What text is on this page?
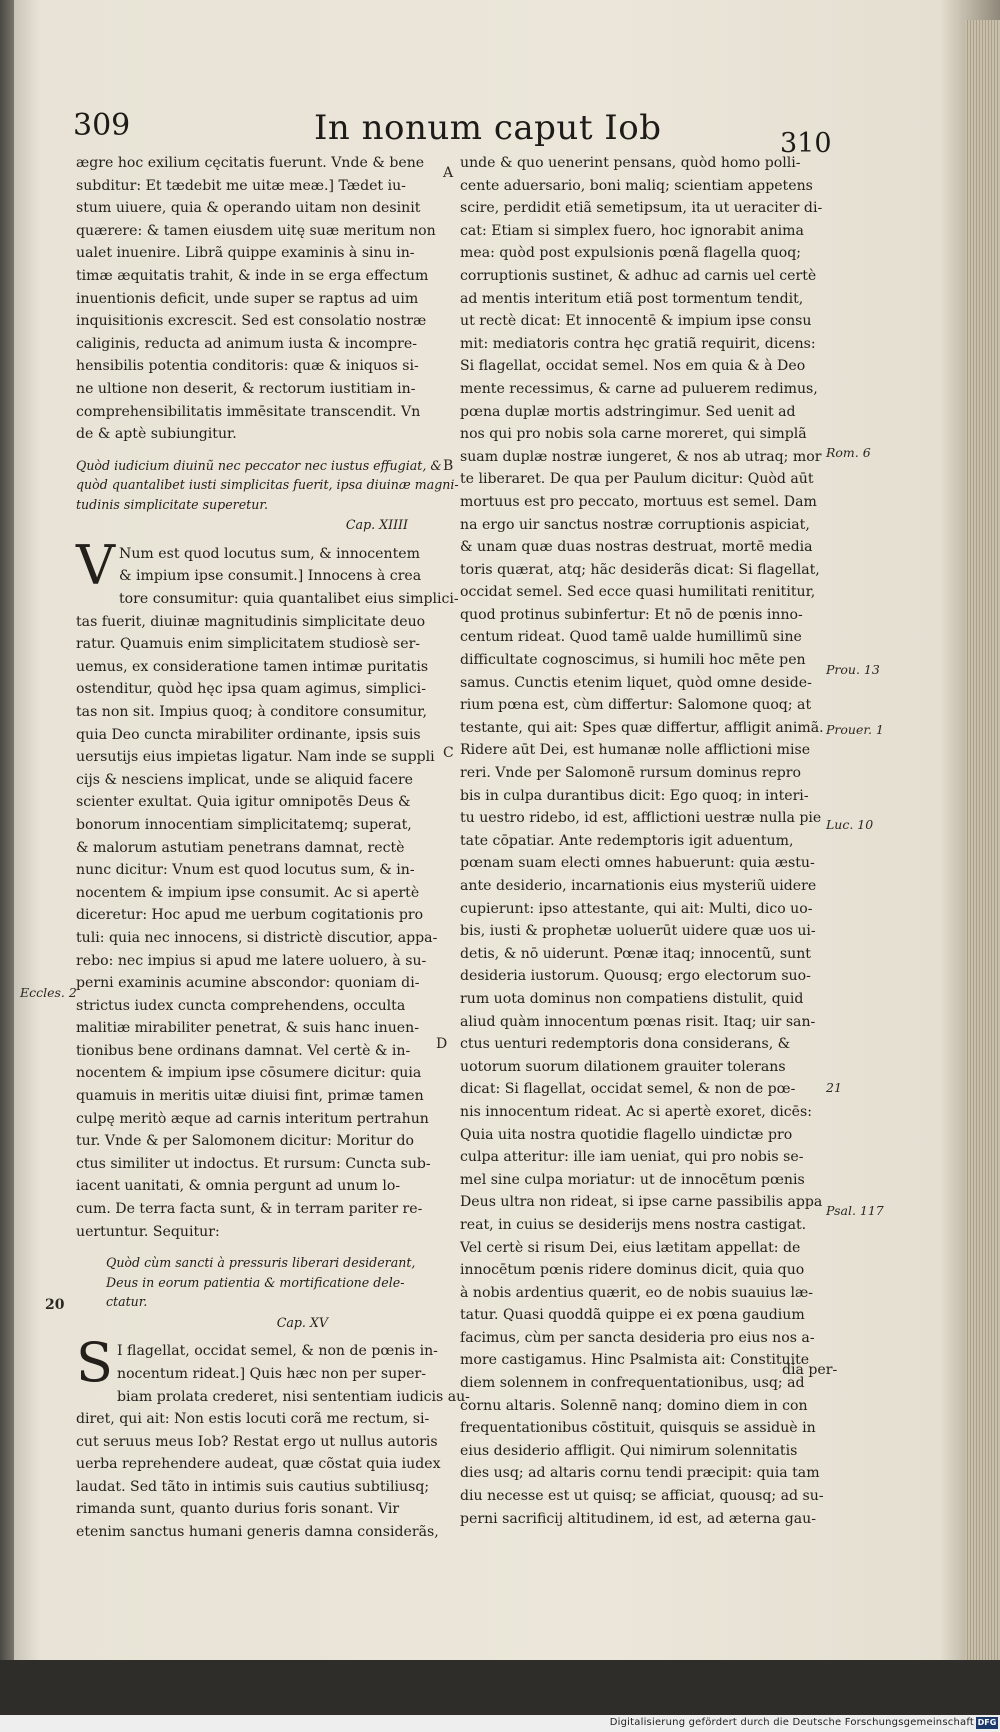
309	In nonum caput Iob	310

ægre hoc exilium cęcitatis fuerunt. Vnde & bene

subditur: Et tædebit me uitæ meæ.] Tædet iu-

stum uiuere, quia & operando uitam non desinit

quærere: & tamen eiusdem uitę suæ meritum non

ualet inuenire. Librã quippe examinis à sinu in-

timæ æquitatis trahit, & inde in se erga effectum

inuentionis deficit, unde super se raptus ad uim

inquisitionis excrescit. Sed est consolatio nostræ

caliginis, reducta ad animum iusta & incompre-

hensibilis potentia conditoris: quæ & iniquos si-

ne ultione non deserit, & rectorum iustitiam in-

comprehensibilitatis immēsitate transcendit. Vn

de & aptè subiungitur.

Quòd iudicium diuinũ nec peccator nec iustus effugiat, &

quòd quantalibet iusti simplicitas fuerit, ipsa diuinæ magni-

tudinis simplicitate superetur.

Cap. XIIII

V Num est quod locutus sum, & innocentem

& impium ipse consumit.] Innocens à crea

tore consumitur: quia quantalibet eius simplici-

tas fuerit, diuinæ magnitudinis simplicitate deuo

ratur. Quamuis enim simplicitatem studiosè ser-

uemus, ex consideratione tamen intimæ puritatis

ostenditur, quòd hęc ipsa quam agimus, simplici-

tas non sit. Impius quoq; à conditore consumitur,

quia Deo cuncta mirabiliter ordinante, ipsis suis

uersutijs eius impietas ligatur. Nam inde se suppli

cijs & nesciens implicat, unde se aliquid facere

scienter exultat. Quia igitur omnipotēs Deus &

bonorum innocentiam simplicitatemq; superat,

& malorum astutiam penetrans damnat, rectè

nunc dicitur: Vnum est quod locutus sum, & in-

nocentem & impium ipse consumit. Ac si apertè

diceretur: Hoc apud me uerbum cogitationis pro

tuli: quia nec innocens, si districtè discutior, appa-

rebo: nec impius si apud me latere uoluero, à su-

perni examinis acumine abscondor: quoniam di-

strictus iudex cuncta comprehendens, occulta

malitiæ mirabiliter penetrat, & suis hanc inuen-

tionibus bene ordinans damnat. Vel certè & in-

nocentem & impium ipse cōsumere dicitur: quia

quamuis in meritis uitæ diuisi fint, primæ tamen

culpę meritò æque ad carnis interitum pertrahun

tur. Vnde & per Salomonem dicitur: Moritur do

ctus similiter ut indoctus. Et rursum: Cuncta sub-

iacent uanitati, & omnia pergunt ad unum lo-

cum. De terra facta sunt, & in terram pariter re-

uertuntur. Sequitur:

Quòd cùm sancti à pressuris liberari desiderant,

Deus in eorum patientia & mortificatione dele-

ctatur.

Cap. XV

S I flagellat, occidat semel, & non de pœnis in-

nocentum rideat.] Quis hæc non per super-

biam prolata crederet, nisi sententiam iudicis au-

diret, qui ait: Non estis locuti corã me rectum, si-

cut seruus meus Iob? Restat ergo ut nullus autoris

uerba reprehendere audeat, quæ cõstat quia iudex

laudat. Sed tãto in intimis suis cautius subtiliusq;

rimanda sunt, quanto durius foris sonant. Vir

etenim sanctus humani generis damna considerãs,

unde & quo uenerint pensans, quòd homo polli-

cente aduersario, boni maliq; scientiam appetens

scire, perdidit etiã semetipsum, ita ut ueraciter di-

cat: Etiam si simplex fuero, hoc ignorabit anima

mea: quòd post expulsionis pœnã flagella quoq;

corruptionis sustinet, & adhuc ad carnis uel certè

ad mentis interitum etiã post tormentum tendit,

ut rectè dicat: Et innocentē & impium ipse consu

mit: mediatoris contra hęc gratiã requirit, dicens:

Si flagellat, occidat semel. Nos em quia & à Deo

mente recessimus, & carne ad puluerem redimus,

pœna duplæ mortis adstringimur. Sed uenit ad

nos qui pro nobis sola carne moreret, qui simplã

suam duplæ nostræ iungeret, & nos ab utraq; mor

te liberaret. De qua per Paulum dicitur: Quòd aūt

mortuus est pro peccato, mortuus est semel. Dam

na ergo uir sanctus nostræ corruptionis aspiciat,

& unam quæ duas nostras destruat, mortē media

toris quærat, atq; hãc desiderãs dicat: Si flagellat,

occidat semel. Sed ecce quasi humilitati renititur,

quod protinus subinfertur: Et nō de pœnis inno-

centum rideat. Quod tamē ualde humillimũ sine

difficultate cognoscimus, si humili hoc mēte pen

samus. Cunctis etenim liquet, quòd omne deside-

rium pœna est, cùm differtur: Salomone quoq; at

testante, qui ait: Spes quæ differtur, affligit animã.

Ridere aūt Dei, est humanæ nolle afflictioni mise

reri. Vnde per Salomonē rursum dominus repro

bis in culpa durantibus dicit: Ego quoq; in interi-

tu uestro ridebo, id est, afflictioni uestræ nulla pie

tate cōpatiar. Ante redemptoris igit aduentum,

pœnam suam electi omnes habuerunt: quia æstu-

ante desiderio, incarnationis eius mysteriũ uidere

cupierunt: ipso attestante, qui ait: Multi, dico uo-

bis, iusti & prophetæ uoluerūt uidere quæ uos ui-

detis, & nō uiderunt. Pœnæ itaq; innocentũ, sunt

desideria iustorum. Quousq; ergo electorum suo-

rum uota dominus non compatiens distulit, quid

aliud quàm innocentum pœnas risit. Itaq; uir san-

ctus uenturi redemptoris dona considerans, &

uotorum suorum dilationem grauiter tolerans

dicat: Si flagellat, occidat semel, & non de pœ-

nis innocentum rideat. Ac si apertè exoret, dicēs:

Quia uita nostra quotidie flagello uindictæ pro

culpa atteritur: ille iam ueniat, qui pro nobis se-

mel sine culpa moriatur: ut de innocētum pœnis

Deus ultra non rideat, si ipse carne passibilis appa

reat, in cuius se desiderijs mens nostra castigat.

Vel certè si risum Dei, eius lætitam appellat: de

innocētum pœnis ridere dominus dicit, quia quo

à nobis ardentius quærit, eo de nobis suauius læ-

tatur. Quasi quoddã quippe ei ex pœna gaudium

facimus, cùm per sancta desideria pro eius nos a-

more castigamus. Hinc Psalmista ait: Constituite

diem solennem in confrequentationibus, usq; ad

cornu altaris. Solennē nanq; domino diem in con

frequentationibus cōstituit, quisquis se assiduè in

eius desiderio affligit. Qui nimirum solennitatis

dies usq; ad altaris cornu tendi præcipit: quia tam

diu necesse est ut quisq; se afficiat, quousq; ad su-

perni sacrificij altitudinem, id est, ad æterna gau-

dia per-
A
B
C
D
20
Eccles. 2
Rom. 6
Prou. 13
Prouer. 1
Luc. 10
21
Psal. 117
Digitalisierung gefördert durch die Deutsche Forschungsgemeinschaft DFG
